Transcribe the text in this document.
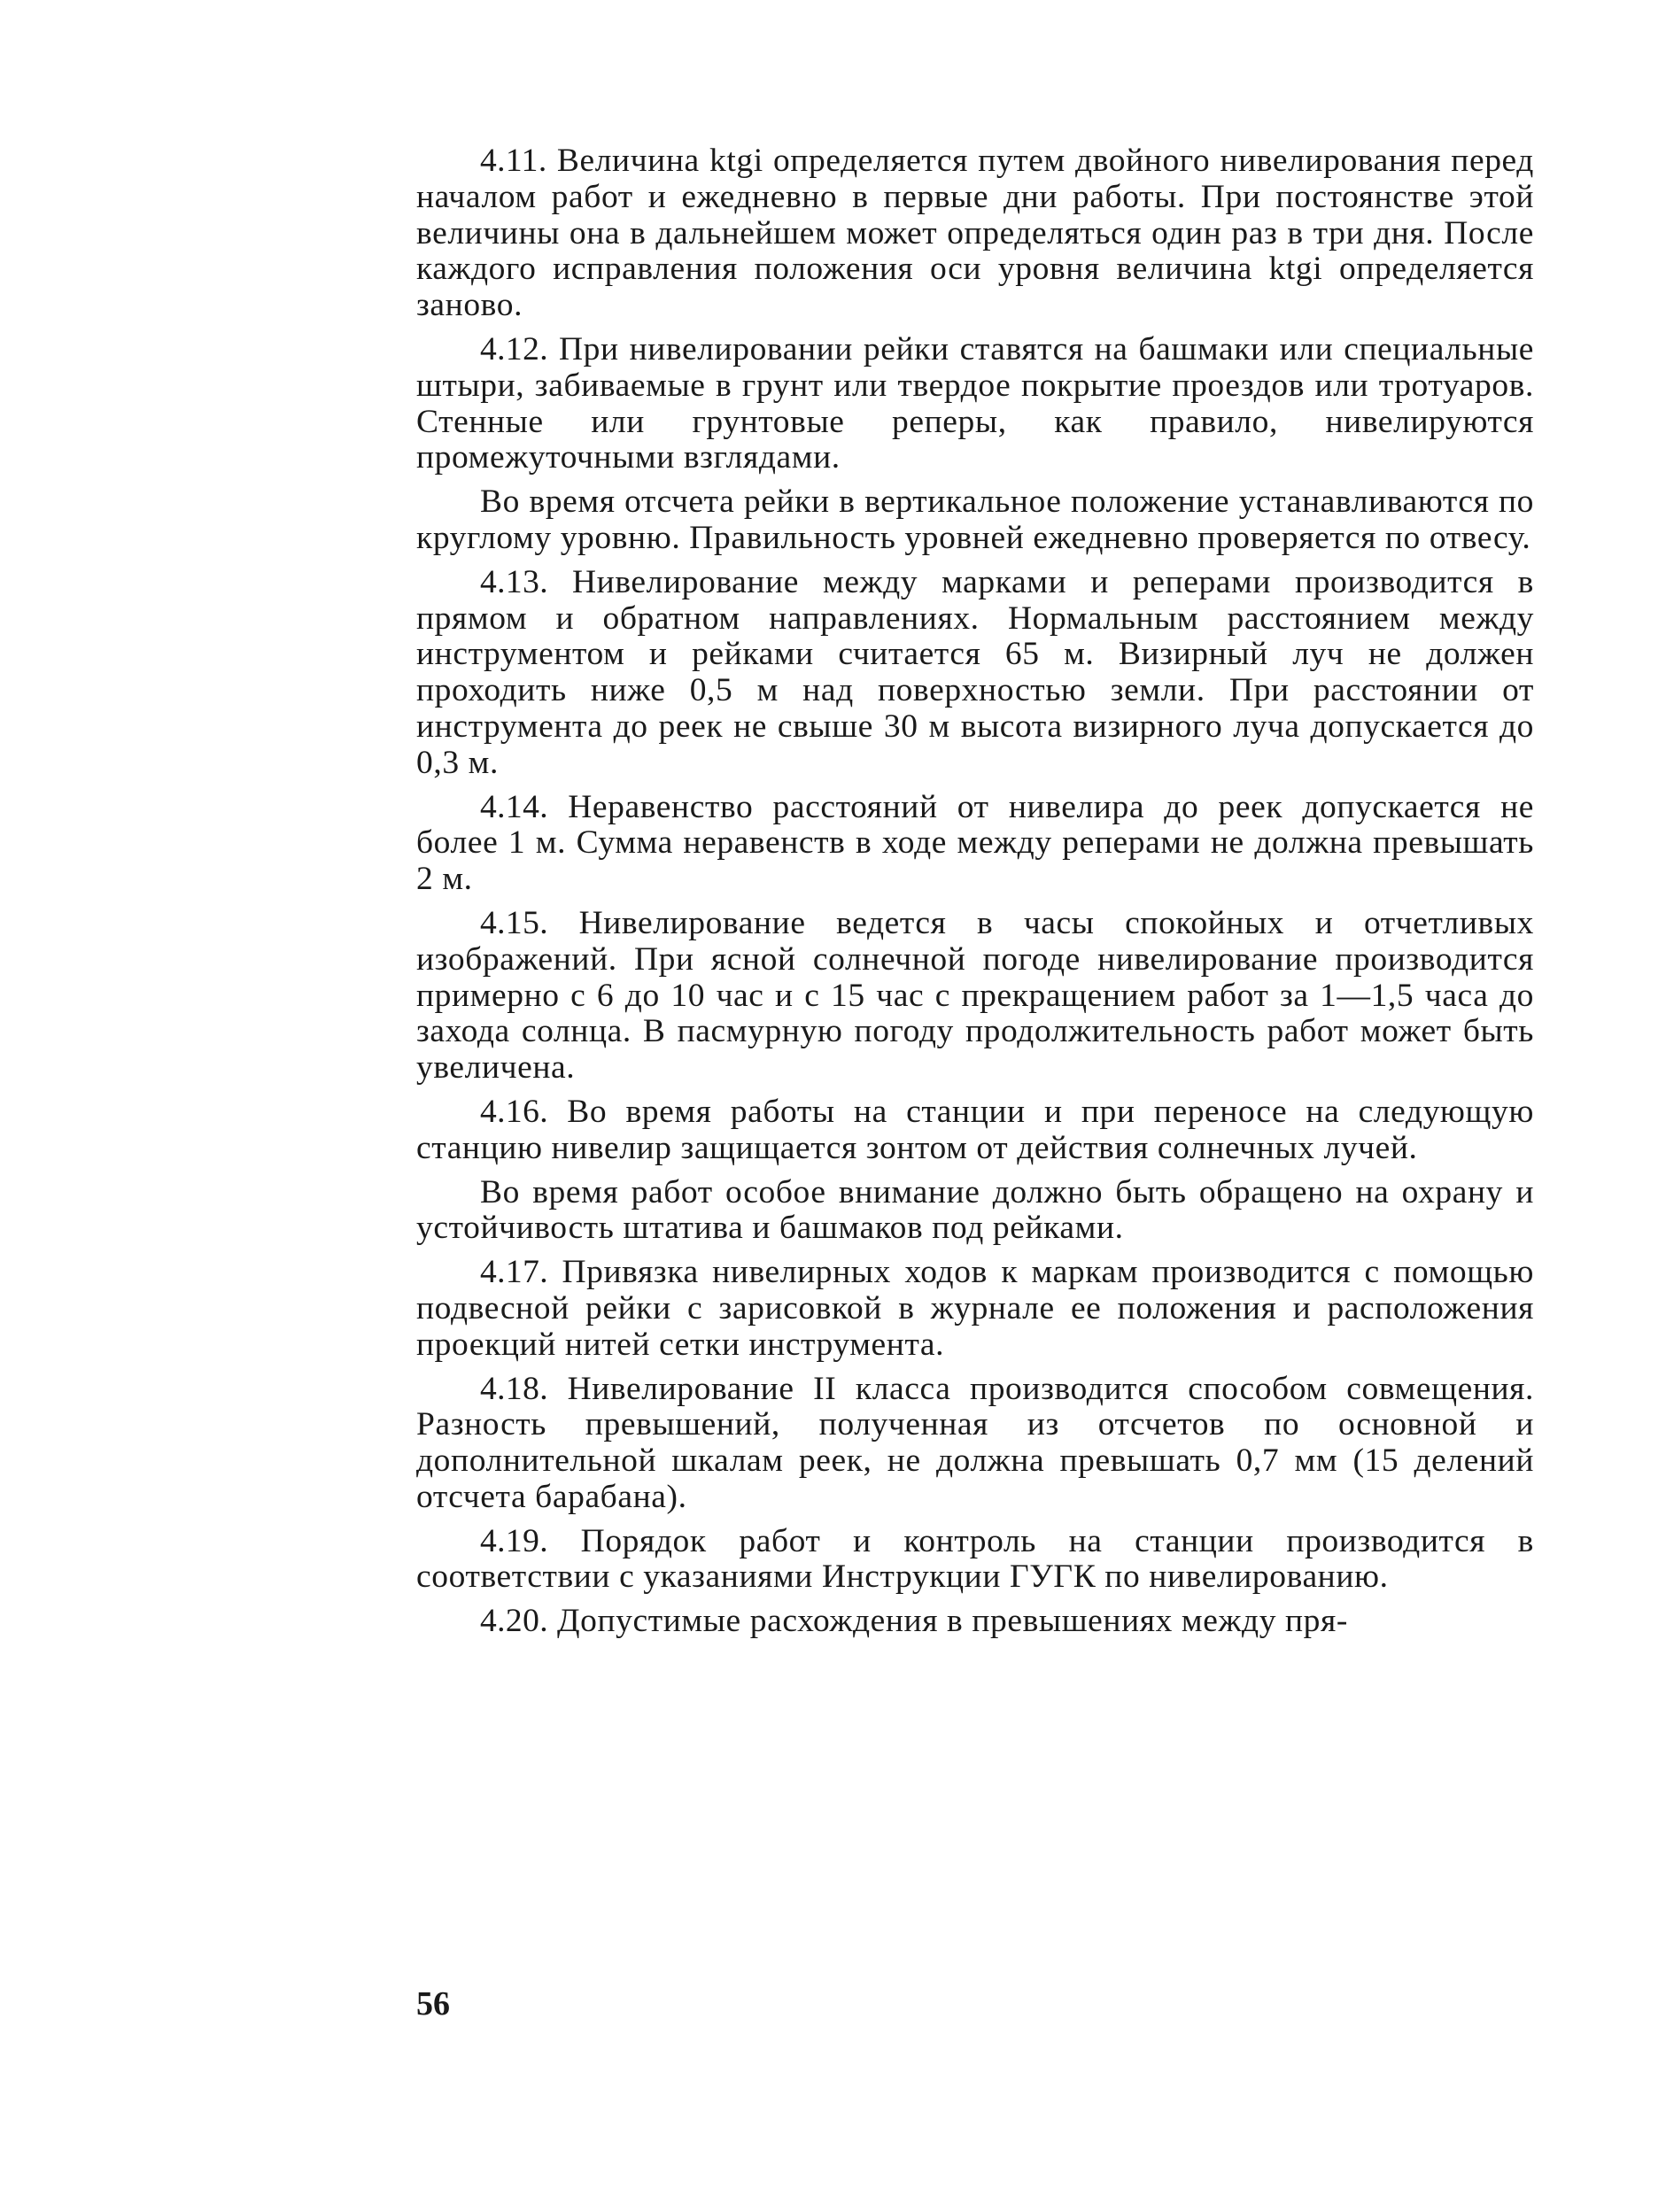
4.11. Величина ktgi определяется путем двойного нивелирования перед началом работ и ежедневно в первые дни работы. При постоянстве этой величины она в дальнейшем может определяться один раз в три дня. После каждого исправления положения оси уровня величина ktgi определяется заново.

4.12. При нивелировании рейки ставятся на башмаки или специальные штыри, забиваемые в грунт или твердое покрытие проездов или тротуаров. Стенные или грунтовые реперы, как правило, нивелируются промежуточными взглядами.

Во время отсчета рейки в вертикальное положение устанавливаются по круглому уровню. Правильность уровней ежедневно проверяется по отвесу.

4.13. Нивелирование между марками и реперами производится в прямом и обратном направлениях. Нормальным расстоянием между инструментом и рейками считается 65 м. Визирный луч не должен проходить ниже 0,5 м над поверхностью земли. При расстоянии от инструмента до реек не свыше 30 м высота визирного луча допускается до 0,3 м.

4.14. Неравенство расстояний от нивелира до реек допускается не более 1 м. Сумма неравенств в ходе между реперами не должна превышать 2 м.

4.15. Нивелирование ведется в часы спокойных и отчетливых изображений. При ясной солнечной погоде нивелирование производится примерно с 6 до 10 час и с 15 час с прекращением работ за 1—1,5 часа до захода солнца. В пасмурную погоду продолжительность работ может быть увеличена.

4.16. Во время работы на станции и при переносе на следующую станцию нивелир защищается зонтом от действия солнечных лучей.

Во время работ особое внимание должно быть обращено на охрану и устойчивость штатива и башмаков под рейками.

4.17. Привязка нивелирных ходов к маркам производится с помощью подвесной рейки с зарисовкой в журнале ее положения и расположения проекций нитей сетки инструмента.

4.18. Нивелирование II класса производится способом совмещения. Разность превышений, полученная из отсчетов по основной и дополнительной шкалам реек, не должна превышать 0,7 мм (15 делений отсчета барабана).

4.19. Порядок работ и контроль на станции производится в соответствии с указаниями Инструкции ГУГК по нивелированию.

4.20. Допустимые расхождения в превышениях между пря-

56
